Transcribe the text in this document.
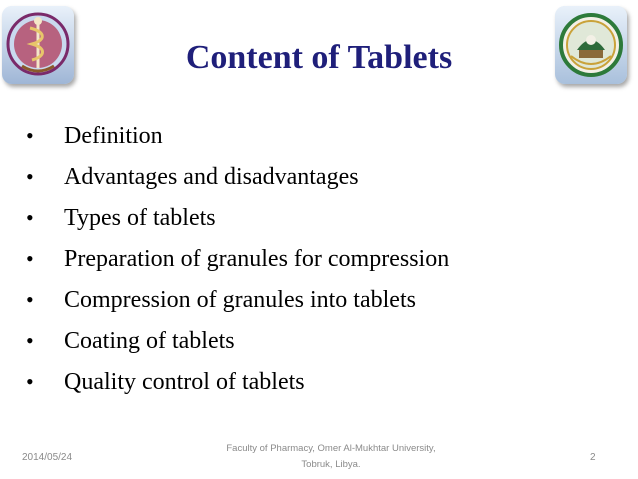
Content of Tablets
• Definition
• Advantages and disadvantages
• Types of tablets
• Preparation of granules for compression
• Compression of granules into tablets
• Coating of tablets
• Quality control of tablets
2014/05/24
Faculty of Pharmacy, Omer Al-Mukhtar University,
Tobruk, Libya.
2
